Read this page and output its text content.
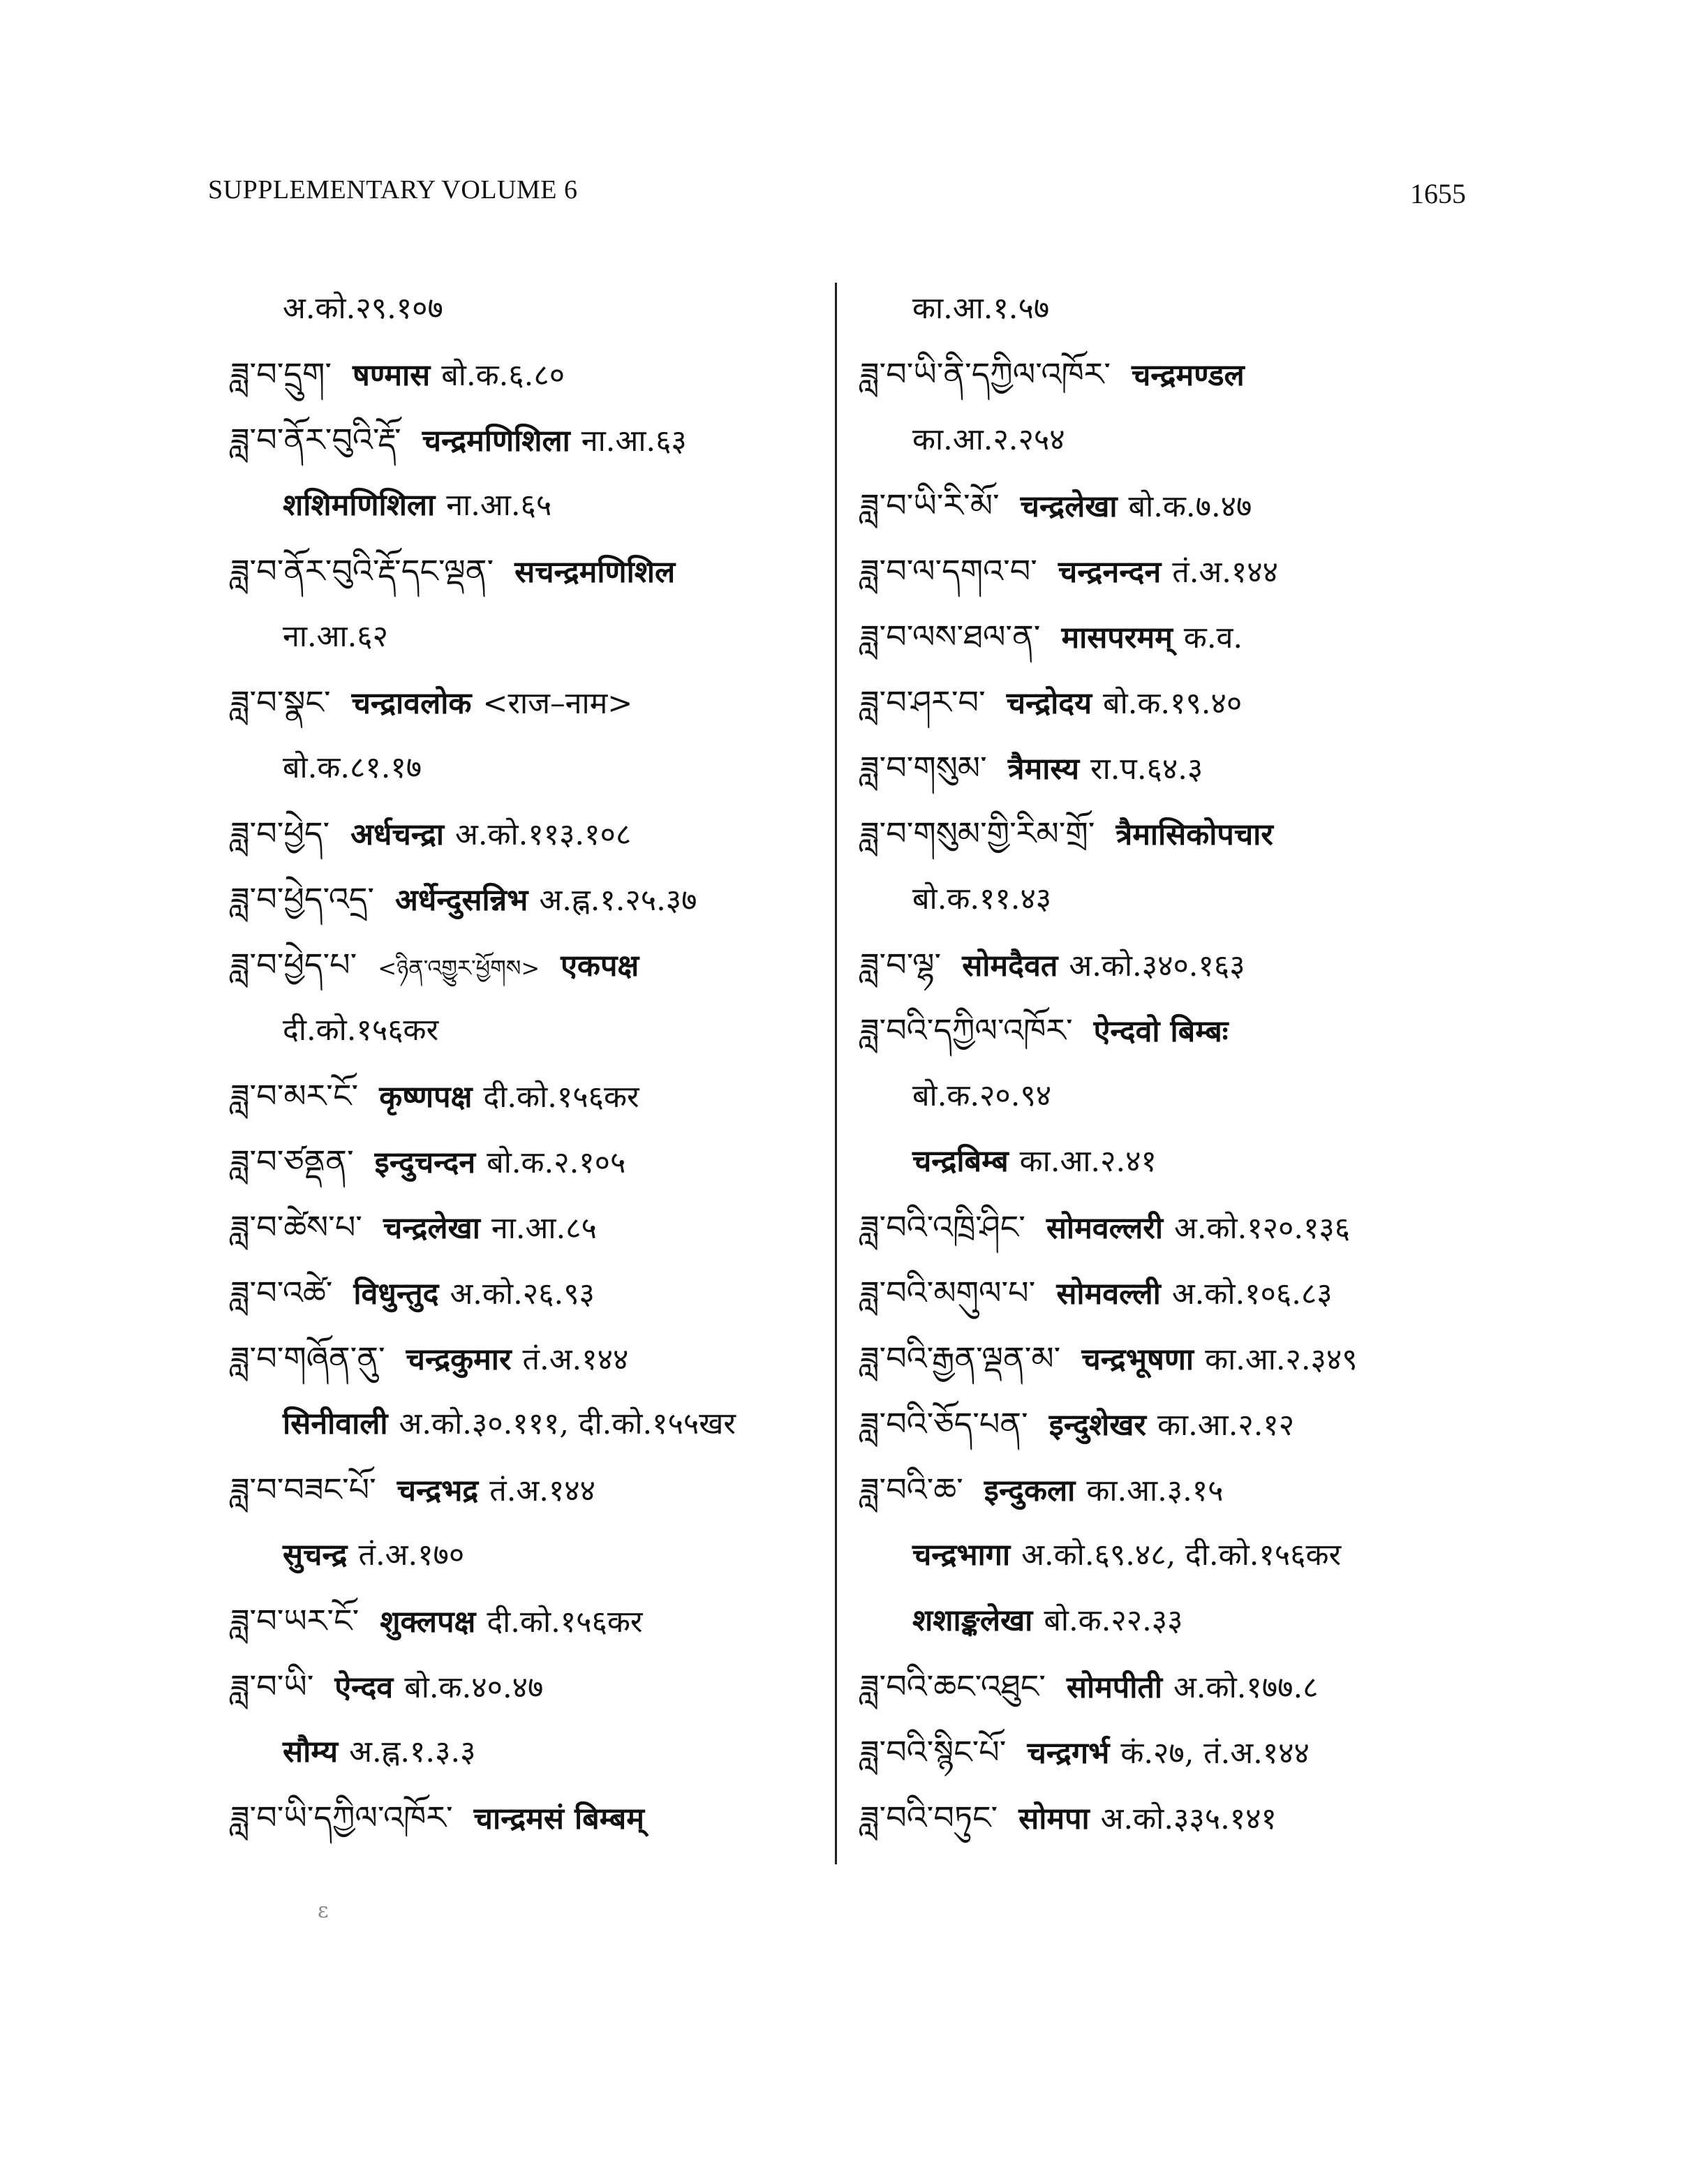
SUPPLEMENTARY VOLUME 6	1655
अ.को.२९.१०७
ཟླ་བ་དྲུག་ षण्मास बो.क.६.८०
ཟླ་བ་ནོར་བུའི་རྡོ་ चन्द्रमणिशिला ना.आ.६३
शशिमणिशिला ना.आ.६५
ཟླ་བ་ནོར་བུའི་རྡོ་དང་ལྡན་ सचन्द्रमणिशिल
ना.आ.६२
ཟླ་བ་སྣང་ चन्द्रावलोक <राज–नाम>
बो.क.८१.१७
ཟླ་བ་ཕྱེད་ अर्धचन्द्रा अ.को.११३.१०८
ཟླ་བ་ཕྱེད་འདྲ་ अर्धेन्दुसन्निभ अ.ह्न.१.२५.३७
ཟླ་བ་ཕྱེད་པ་ <ཉིན་འགྱུར་ཕྱོགས> एकपक्ष
दी.को.१५६कर
ཟླ་བ་མར་ངོ་ कृष्णपक्ष दी.को.१५६कर
ཟླ་བ་ཙནྡན་ इन्दुचन्दन बो.क.२.१०५
ཟླ་བ་ཚེས་པ་ चन्द्रलेखा ना.आ.८५
ཟླ་བ་འཚེ་ विधुन्तुद अ.को.२६.९३
ཟླ་བ་གཞོན་ནུ་ चन्द्रकुमार तं.अ.१४४
सिनीवाली अ.को.३०.१११, दी.को.१५५खर
ཟླ་བ་བཟང་པོ་ चन्द्रभद्र तं.अ.१४४
सुचन्द्र तं.अ.१७०
ཟླ་བ་ཡར་ངོ་ शुक्लपक्ष दी.को.१५६कर
ཟླ་བ་ཡི་ ऐन्दव बो.क.४०.४७
सौम्य अ.ह्न.१.३.३
ཟླ་བ་ཡི་དཀྱིལ་འཁོར་ चान्द्रमसं बिम्बम्
का.आ.१.५७
ཟླ་བ་ཡི་ནི་དཀྱིལ་འཁོར་ चन्द्रमण्डल
का.आ.२.२५४
ཟླ་བ་ཡི་རི་མོ་ चन्द्रलेखा बो.क.७.४७
ཟླ་བ་ལ་དགའ་བ་ चन्द्रनन्दन तं.अ.१४४
ཟླ་བ་ལས་ཐལ་ན་ मासपरमम् क.व.
ཟླ་བ་ཤར་བ་ चन्द्रोदय बो.क.१९.४०
ཟླ་བ་གསུམ་ त्रैमास्य रा.प.६४.३
ཟླ་བ་གསུམ་གྱི་རིམ་གྲོ་ त्रैमासिकोपचार
बो.क.११.४३
ཟླ་བ་ལྷ་ सोमदैवत अ.को.३४०.१६३
ཟླ་བའི་དཀྱིལ་འཁོར་ ऐन्दवो बिम्बः
बो.क.२०.९४
चन्द्रबिम्ब का.आ.२.४१
ཟླ་བའི་འཁྲི་ཤིང་ सोमवल्लरी अ.को.१२०.१३६
ཟླ་བའི་མགུལ་པ་ सोमवल्ली अ.को.१०६.८३
ཟླ་བའི་རྒྱན་ལྡན་མ་ चन्द्रभूषणा का.आ.२.३४९
ཟླ་བའི་ཅོད་པན་ इन्दुशेखर का.आ.२.१२
ཟླ་བའི་ཆ་ इन्दुकला का.आ.३.१५
चन्द्रभागा अ.को.६९.४८, दी.को.१५६कर
शशाङ्कलेखा बो.क.२२.३३
ཟླ་བའི་ཆང་འཐུང་ सोमपीती अ.को.१७७.८
ཟླ་བའི་སྙིང་པོ་ चन्द्रगर्भ कं.२७, तं.अ.१४४
ཟླ་བའི་བཏུང་ सोमपा अ.को.३३५.१४१
ε
